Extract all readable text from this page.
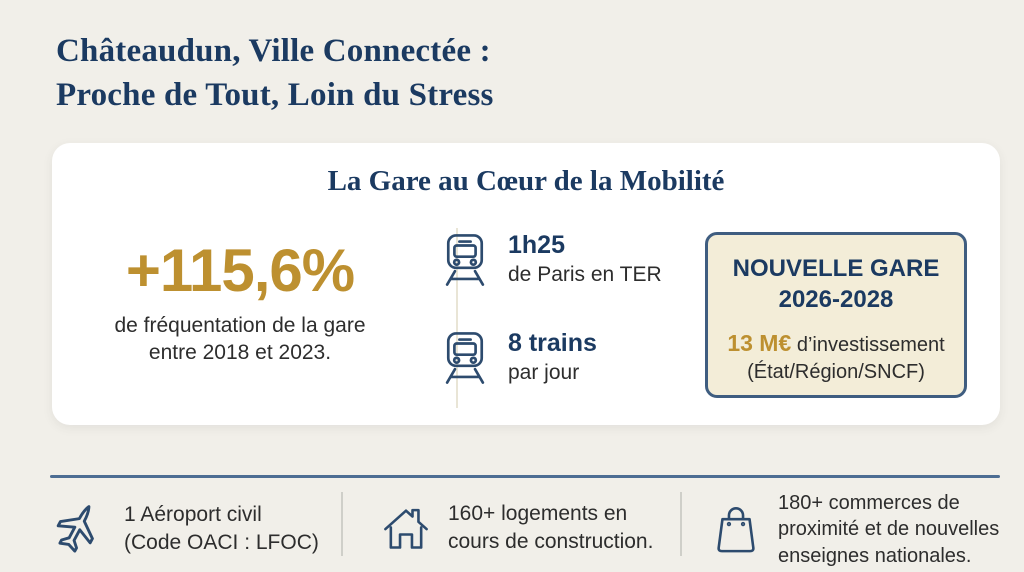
Châteaudun, Ville Connectée :
Proche de Tout, Loin du Stress
La Gare au Cœur de la Mobilité
+115,6%
de fréquentation de la gare
entre 2018 et 2023.
1h25
de Paris en TER
8 trains
par jour
NOUVELLE GARE
2026-2028
13 M€ d’investissement
(État/Région/SNCF)
1 Aéroport civil
(Code OACI : LFOC)
160+ logements en
cours de construction.
180+ commerces de
proximité et de nouvelles
enseignes nationales.
